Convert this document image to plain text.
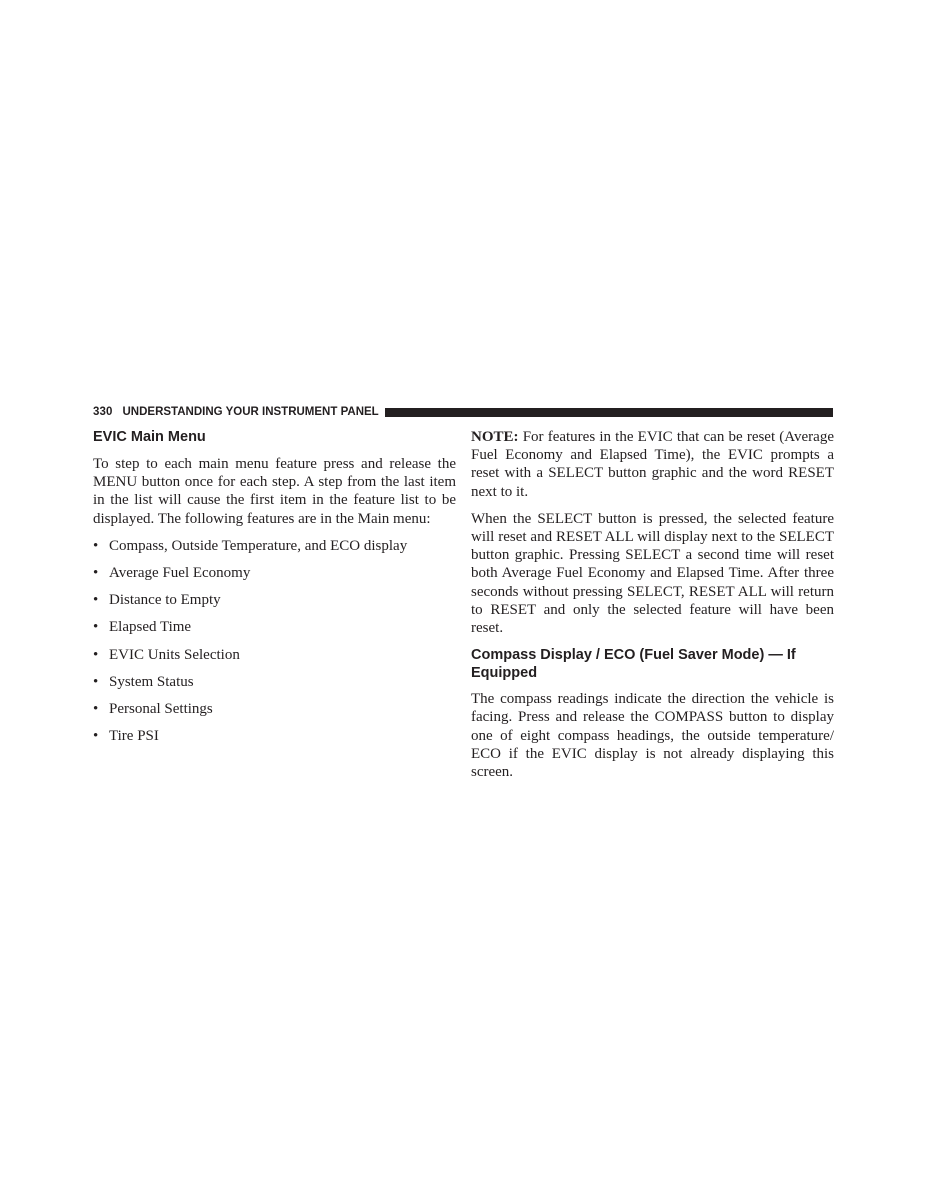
330 UNDERSTANDING YOUR INSTRUMENT PANEL
EVIC Main Menu

To step to each main menu feature press and release the MENU button once for each step. A step from the last item in the list will cause the first item in the feature list to be displayed. The following features are in the Main menu:

• Compass, Outside Temperature, and ECO display
• Average Fuel Economy
• Distance to Empty
• Elapsed Time
• EVIC Units Selection
• System Status
• Personal Settings
• Tire PSI

NOTE: For features in the EVIC that can be reset (Average Fuel Economy and Elapsed Time), the EVIC prompts a reset with a SELECT button graphic and the word RESET next to it.

When the SELECT button is pressed, the selected feature will reset and RESET ALL will display next to the SELECT button graphic. Pressing SELECT a second time will reset both Average Fuel Economy and Elapsed Time. After three seconds without pressing SELECT, RESET ALL will return to RESET and only the selected feature will have been reset.

Compass Display / ECO (Fuel Saver Mode) — If Equipped

The compass readings indicate the direction the vehicle is facing. Press and release the COMPASS button to display one of eight compass headings, the outside temperature/ ECO if the EVIC display is not already displaying this screen.
